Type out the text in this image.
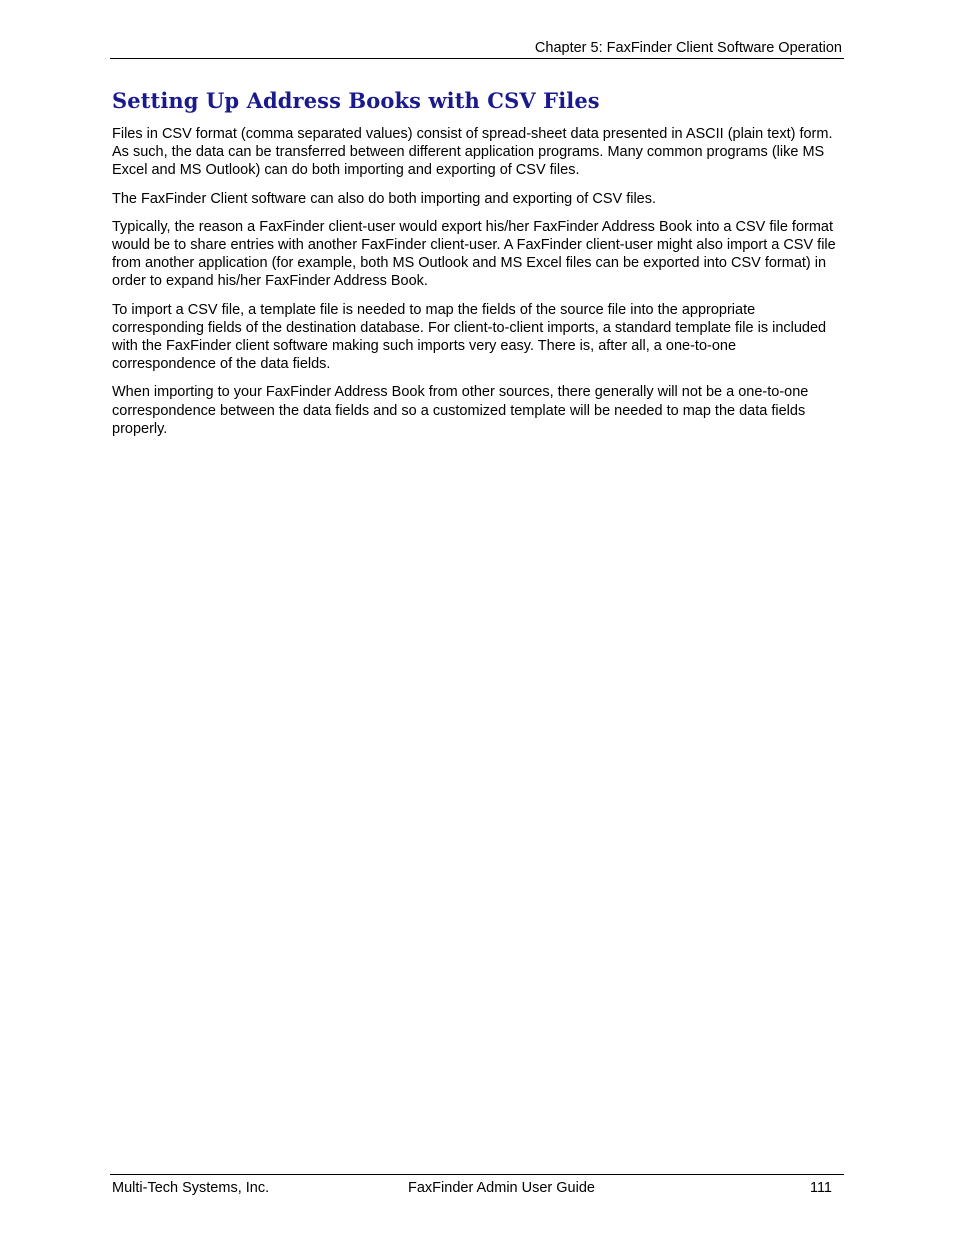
Chapter 5: FaxFinder Client Software Operation
Setting Up Address Books with CSV Files

Files in CSV format (comma separated values) consist of spread-sheet data presented in ASCII (plain text) form. As such, the data can be transferred between different application programs. Many common programs (like MS Excel and MS Outlook) can do both importing and exporting of CSV files.

The FaxFinder Client software can also do both importing and exporting of CSV files.

Typically, the reason a FaxFinder client-user would export his/her FaxFinder Address Book into a CSV file format would be to share entries with another FaxFinder client-user. A FaxFinder client-user might also import a CSV file from another application (for example, both MS Outlook and MS Excel files can be exported into CSV format) in order to expand his/her FaxFinder Address Book.

To import a CSV file, a template file is needed to map the fields of the source file into the appropriate corresponding fields of the destination database. For client-to-client imports, a standard template file is included with the FaxFinder client software making such imports very easy. There is, after all, a one-to-one correspondence of the data fields.

When importing to your FaxFinder Address Book from other sources, there generally will not be a one-to-one correspondence between the data fields and so a customized template will be needed to map the data fields properly.

Multi-Tech Systems, Inc.	FaxFinder Admin User Guide	111
